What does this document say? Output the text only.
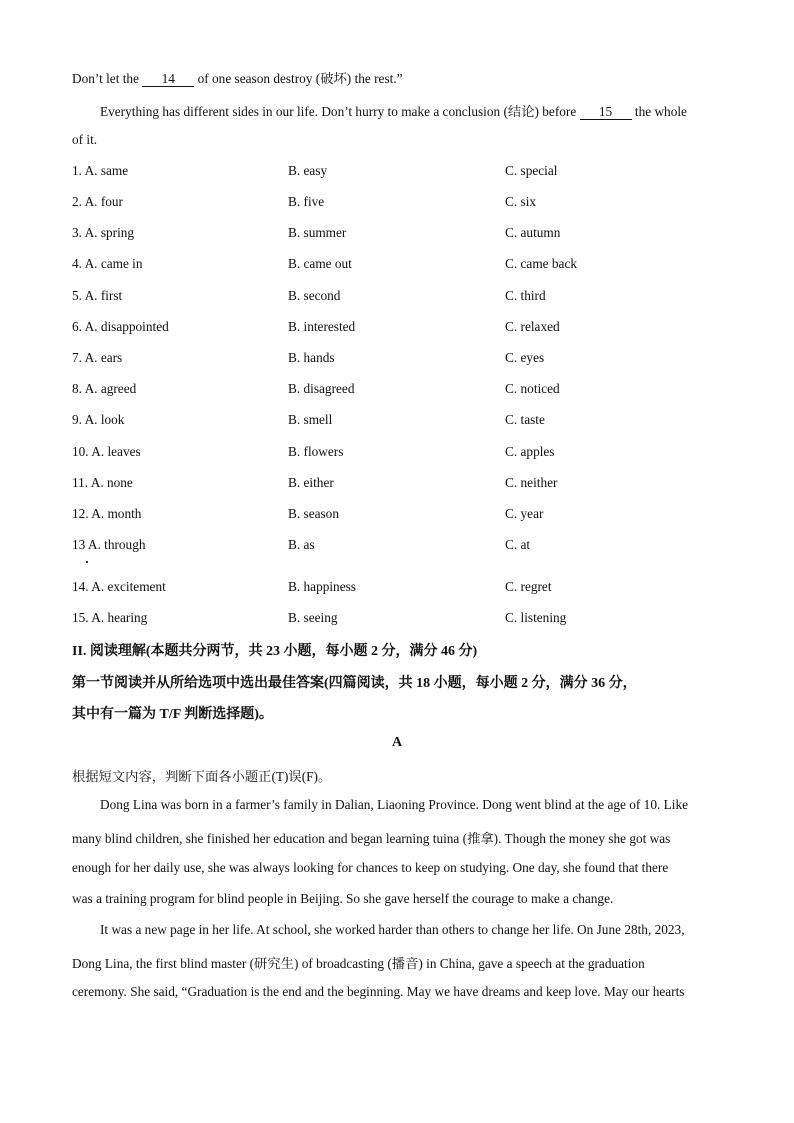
Don’t let the 14 of one season destroy (破坏) the rest.”
Everything has different sides in our life. Don’t hurry to make a conclusion (结论) before 15 the whole
of it.
1. A. same	B. easy	C. special
2. A. four	B. five	C. six
3. A. spring	B. summer	C. autumn
4. A. came in	B. came out	C. came back
5. A. first	B. second	C. third
6. A. disappointed	B. interested	C. relaxed
7. A. ears	B. hands	C. eyes
8. A. agreed	B. disagreed	C. noticed
9. A. look	B. smell	C. taste
10. A. leaves	B. flowers	C. apples
11. A. none	B. either	C. neither
12. A. month	B. season	C. year
13 A. through	B. as	C. at
14. A. excitement	B. happiness	C. regret
15. A. hearing	B. seeing	C. listening
II. 阅读理解(本题共分两节，共 23 小题，每小题 2 分，满分 46 分)
第一节阅读并从所给选项中选出最佳答案(四篇阅读，共 18 小题，每小题 2 分，满分 36 分，
其中有一篇为 T/F 判断选择题)。
A
根据短文内容，判断下面各小题正(T)误(F)。
Dong Lina was born in a farmer’s family in Dalian, Liaoning Province. Dong went blind at the age of 10. Like
many blind children, she finished her education and began learning tuina (推拿). Though the money she got was
enough for her daily use, she was always looking for chances to keep on studying. One day, she found that there
was a training program for blind people in Beijing. So she gave herself the courage to make a change.
It was a new page in her life. At school, she worked harder than others to change her life. On June 28th, 2023,
Dong Lina, the first blind master (研究生) of broadcasting (播音) in China, gave a speech at the graduation
ceremony. She said, “Graduation is the end and the beginning. May we have dreams and keep love. May our hearts
